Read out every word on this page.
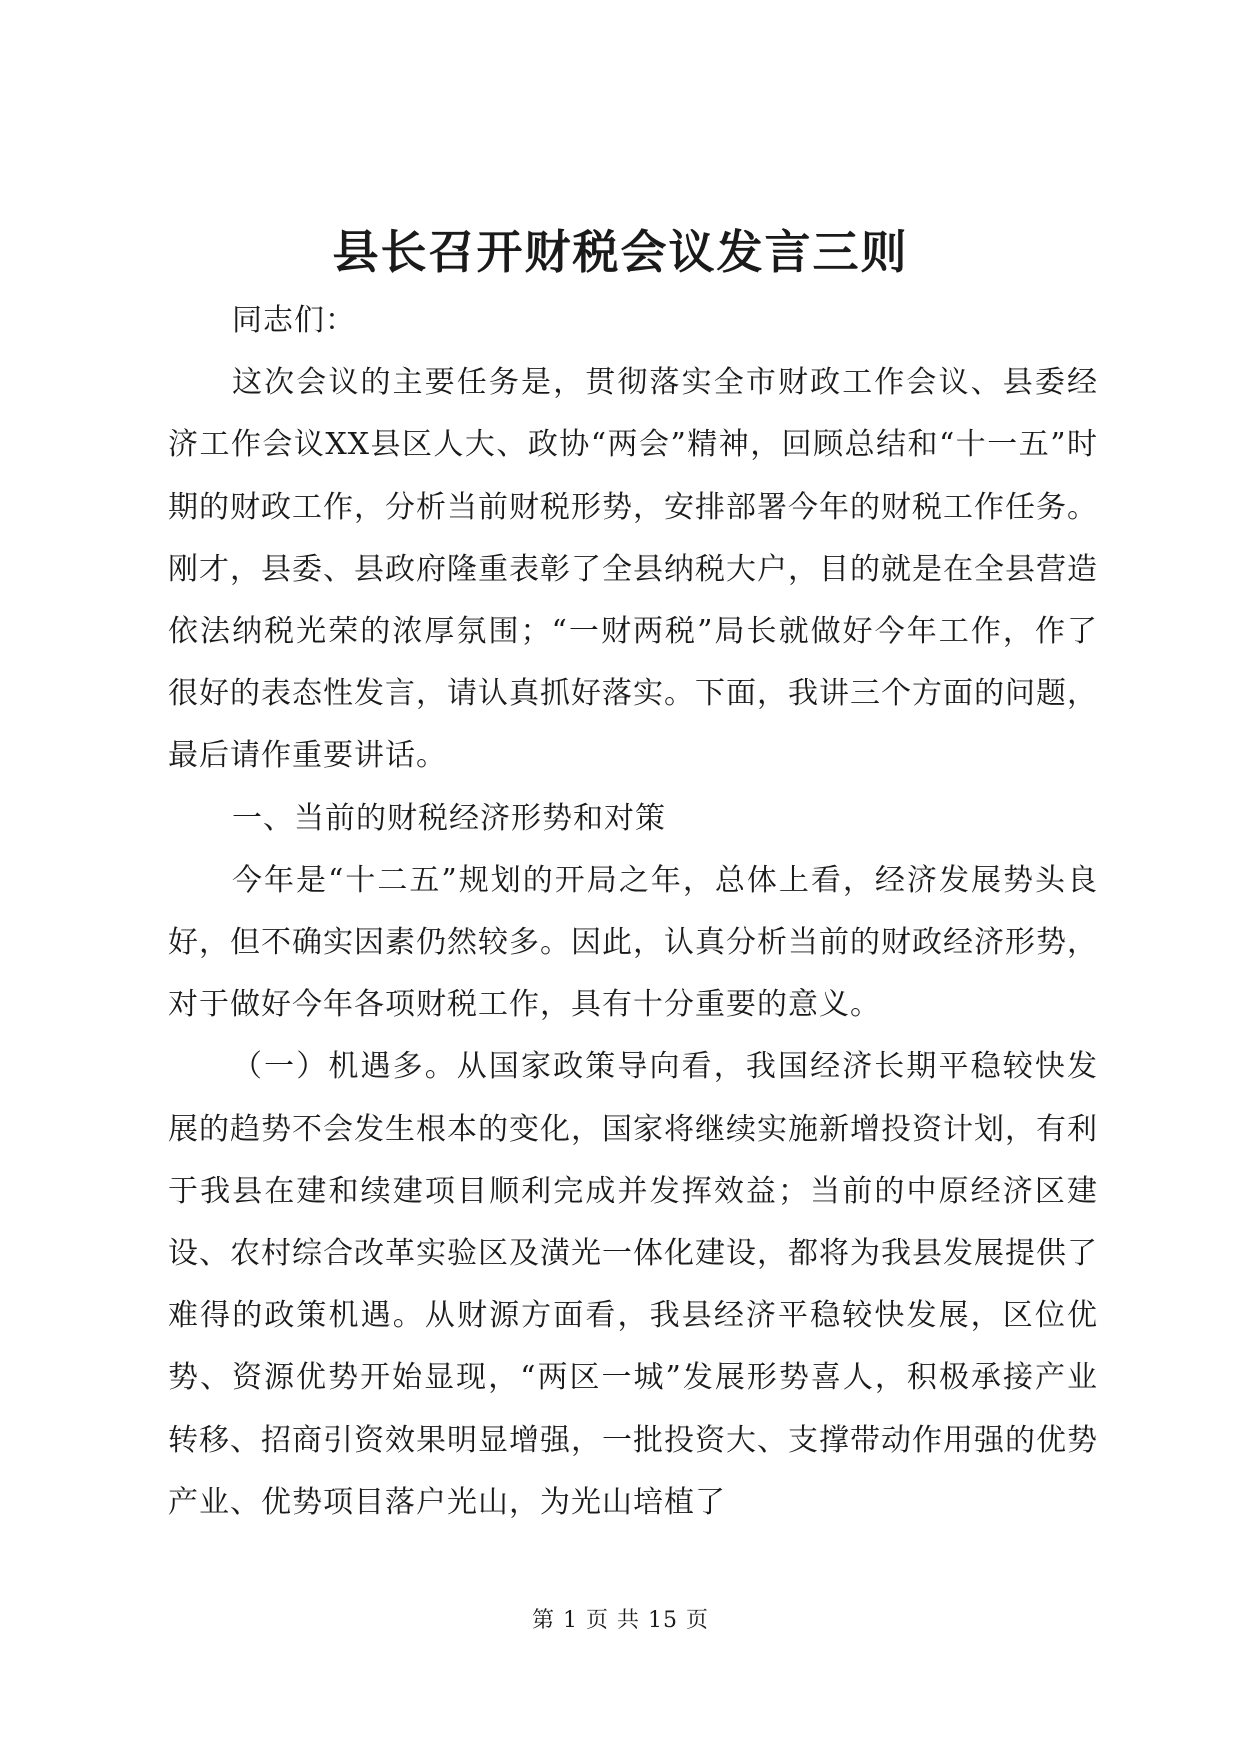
县长召开财税会议发言三则

同志们：

这次会议的主要任务是，贯彻落实全市财政工作会议、县委经济工作会议XX县区人大、政协“两会”精神，回顾总结和“十一五”时期的财政工作，分析当前财税形势，安排部署今年的财税工作任务。刚才，县委、县政府隆重表彰了全县纳税大户，目的就是在全县营造依法纳税光荣的浓厚氛围；“一财两税”局长就做好今年工作，作了很好的表态性发言，请认真抓好落实。下面，我讲三个方面的问题，最后请作重要讲话。

一、当前的财税经济形势和对策

今年是“十二五”规划的开局之年，总体上看，经济发展势头良好，但不确实因素仍然较多。因此，认真分析当前的财政经济形势，对于做好今年各项财税工作，具有十分重要的意义。

（一）机遇多。从国家政策导向看，我国经济长期平稳较快发展的趋势不会发生根本的变化，国家将继续实施新增投资计划，有利于我县在建和续建项目顺利完成并发挥效益；当前的中原经济区建设、农村综合改革实验区及潢光一体化建设，都将为我县发展提供了难得的政策机遇。从财源方面看，我县经济平稳较快发展，区位优势、资源优势开始显现，“两区一城”发展形势喜人，积极承接产业转移、招商引资效果明显增强，一批投资大、支撑带动作用强的优势产业、优势项目落户光山，为光山培植了

第 1 页 共 15 页
